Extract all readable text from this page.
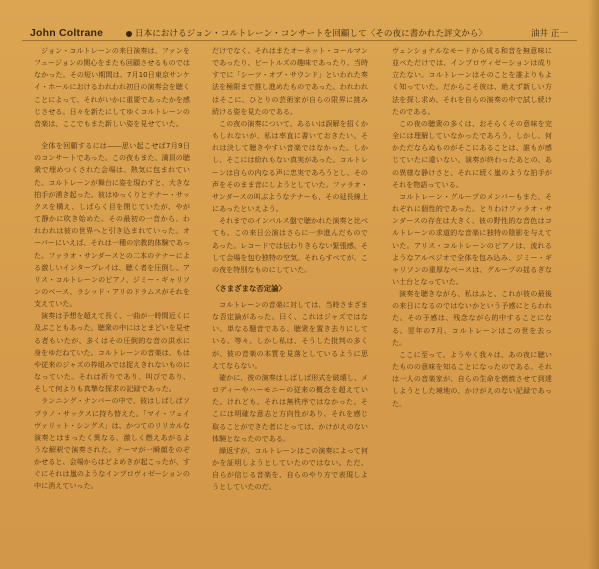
John Coltrane	日本におけるジョン・コルトレーン・コンサートを回顧して〈その夜に書かれた評文から〉	油井 正一

ジョン・コルトレーンの来日演奏は、ファンをフュージョンの関心をまたも回顧させるものではなかった。その短い期間は、7月10日東京サンケイ・ホールにおけるわれわれ初日の演奏会を聴くことによって、それがいかに重要であったかを感じさせる。日々を新たにしてゆくコルトレーンの音楽は、ここでもまた新しい姿を見せていた。

全体を回顧するには――思い起こせば7月9日のコンサートであった。この夜もまた、満員の聴衆で埋めつくされた会場は、熱気に包まれていた。コルトレーンが舞台に姿を現わすと、大きな拍手が湧き起った。彼はゆっくりとテナー・サックスを構え、しばらく目を閉じていたが、やがて静かに吹き始めた。その最初の一音から、われわれは彼の世界へと引き込まれていった。オーバーにいえば、それは一種の宗教的体験であった。ファラオ・サンダースとの二本のテナーによる激しいインタープレイは、聴く者を圧倒し、アリス・コルトレーンのピアノ、ジミー・ギャリソンのベース、ラシッド・アリのドラムスがそれを支えていた。

演奏は予想を超えて長く、一曲が一時間近くに及ぶこともあった。聴衆の中にはとまどいを見せる者もいたが、多くはその圧倒的な音の洪水に身をゆだねていた。コルトレーンの音楽は、もはや従来のジャズの枠組みでは捉えきれないものになっていた。それは祈りであり、叫びであり、そして何よりも真摯な探求の記録であった。

ランニング・ナンバーの中で、彼はしばしばソプラノ・サックスに持ち替えた。「マイ・フェイヴァリット・シングス」は、かつてのリリカルな演奏とはまったく異なる、激しく燃えあがるような解釈で演奏された。テーマが一瞬顔をのぞかせると、会場からはどよめきが起こったが、すぐにそれは嵐のようなインプロヴィゼーションの中に消えていった。

だけでなく、それはまたオーネット・コールマンであったり、ビートルズの趣味であったり、当時すでに「シーツ・オブ・サウンド」といわれた奏法を極限まで推し進めたものであった。われわれはそこに、ひとりの芸術家が自らの限界に挑み続ける姿を見たのである。

この夜の演奏について、あるいは誤解を招くかもしれないが、私は率直に書いておきたい。それは決して聴きやすい音楽ではなかった。しかし、そこには紛れもない真実があった。コルトレーンは自らの内なる声に忠実であろうとし、その声をそのまま音にしようとしていた。ファラオ・サンダースの叫ぶようなテナーも、その延長線上にあったといえよう。

それまでのインパルス盤で聴かれた演奏と比べても、この来日公演はさらに一歩進んだものであった。レコードでは伝わりきらない緊張感、そして会場を包む独特の空気。それらすべてが、この夜を特別なものにしていた。

〈さまざまな否定論〉

コルトレーンの音楽に対しては、当時さまざまな否定論があった。曰く、これはジャズではない、単なる騒音である、聴衆を置き去りにしている、等々。しかし私は、そうした批判の多くが、彼の音楽の本質を見落としているように思えてならない。

確かに、彼の演奏はしばしば形式を破壊し、メロディーやハーモニーの従来の概念を超えていた。けれども、それは無秩序ではなかった。そこには明確な意志と方向性があり、それを感じ取ることができた者にとっては、かけがえのない体験となったのである。

繰返すが、コルトレーンはこの演奏によって何かを証明しようとしていたのではない。ただ、自らが信じる音楽を、自らのやり方で表現しようとしていたのだ。

ヴェンショナルなモードから成る和音を無意味に並べただけでは、インプロヴィゼーションは成り立たない。コルトレーンはそのことを誰よりもよく知っていた。だからこそ彼は、絶えず新しい方法を探し求め、それを自らの演奏の中で試し続けたのである。

この夜の聴衆の多くは、おそらくその意味を完全には理解していなかったであろう。しかし、何かただならぬものがそこにあることは、誰もが感じていたに違いない。演奏が終わったあとの、あの異様な静けさと、それに続く嵐のような拍手がそれを物語っている。

コルトレーン・グループのメンバーもまた、それぞれに個性的であった。とりわけファラオ・サンダースの存在は大きく、彼の野性的な音色はコルトレーンの求道的な音楽に独特の陰影を与えていた。アリス・コルトレーンのピアノは、流れるようなアルペジオで全体を包み込み、ジミー・ギャリソンの重厚なベースは、グループの揺るぎない土台となっていた。

演奏を聴きながら、私はふと、これが彼の最後の来日になるのではないかという予感にとらわれた。その予感は、残念ながら的中することになる。翌年の7月、コルトレーンはこの世を去った。

ここに至って、ようやく我々は、あの夜に聴いたものの意味を知ることになったのである。それは一人の音楽家が、自らの生命を燃焼させて到達しようとした境地の、かけがえのない記録であった。
